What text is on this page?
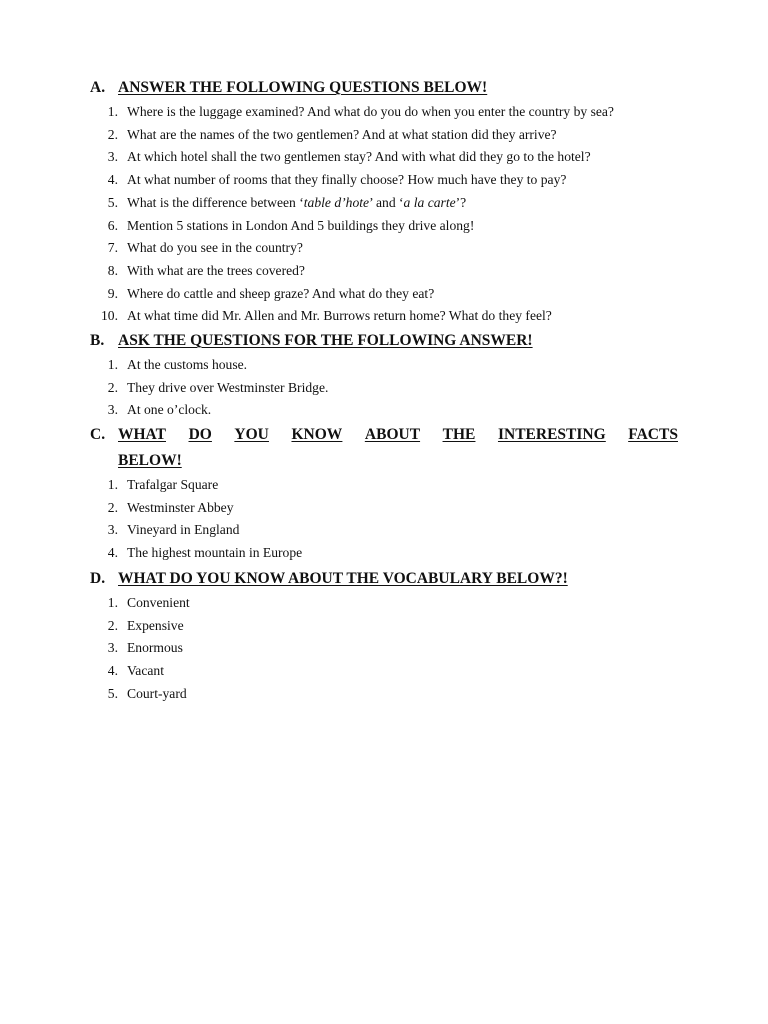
A. ANSWER THE FOLLOWING QUESTIONS BELOW!
1. Where is the luggage examined? And what do you do when you enter the country by sea?
2. What are the names of the two gentlemen? And at what station did they arrive?
3. At which hotel shall the two gentlemen stay? And with what did they go to the hotel?
4. At what number of rooms that they finally choose? How much have they to pay?
5. What is the difference between ‘table d’hote’ and ‘a la carte’?
6. Mention 5 stations in London And 5 buildings they drive along!
7. What do you see in the country?
8. With what are the trees covered?
9. Where do cattle and sheep graze? And what do they eat?
10. At what time did Mr. Allen and Mr. Burrows return home? What do they feel?
B. ASK THE QUESTIONS FOR THE FOLLOWING ANSWER!
1. At the customs house.
2. They drive over Westminster Bridge.
3. At one o’clock.
C. WHAT DO YOU KNOW ABOUT THE INTERESTING FACTS
BELOW!
1. Trafalgar Square
2. Westminster Abbey
3. Vineyard in England
4. The highest mountain in Europe
D. WHAT DO YOU KNOW ABOUT THE VOCABULARY BELOW?!
1. Convenient
2. Expensive
3. Enormous
4. Vacant
5. Court-yard
